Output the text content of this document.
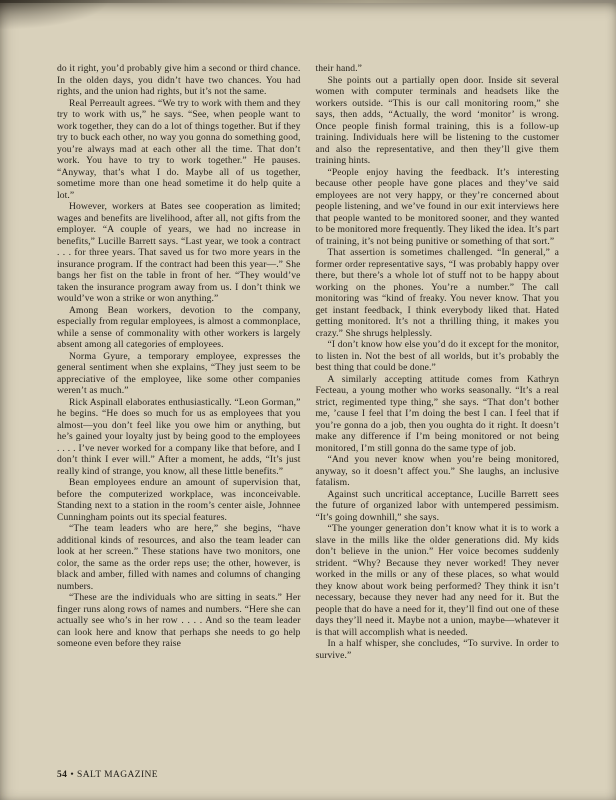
do it right, you’d probably give him a second or third chance. In the olden days, you didn’t have two chances. You had rights, and the union had rights, but it’s not the same.

Real Perreault agrees. “We try to work with them and they try to work with us,” he says. “See, when people want to work together, they can do a lot of things together. But if they try to buck each other, no way you gonna do something good, you’re always mad at each other all the time. That don’t work. You have to try to work together.” He pauses. “Anyway, that’s what I do. Maybe all of us together, sometime more than one head sometime it do help quite a lot.”

However, workers at Bates see cooperation as limited; wages and benefits are livelihood, after all, not gifts from the employer. “A couple of years, we had no increase in benefits,” Lucille Barrett says. “Last year, we took a contract . . . for three years. That saved us for two more years in the insurance program. If the contract had been this year—.” She bangs her fist on the table in front of her. “They would’ve taken the insurance program away from us. I don’t think we would’ve won a strike or won anything.”

Among Bean workers, devotion to the company, especially from regular employees, is almost a commonplace, while a sense of commonality with other workers is largely absent among all categories of employees.

Norma Gyure, a temporary employee, expresses the general sentiment when she explains, “They just seem to be appreciative of the employee, like some other companies weren’t as much.”

Rick Aspinall elaborates enthusiastically. “Leon Gorman,” he begins. “He does so much for us as employees that you almost—you don’t feel like you owe him or anything, but he’s gained your loyalty just by being good to the employees . . . . I’ve never worked for a company like that before, and I don’t think I ever will.” After a moment, he adds, “It’s just really kind of strange, you know, all these little benefits.”

Bean employees endure an amount of supervision that, before the computerized workplace, was inconceivable. Standing next to a station in the room’s center aisle, Johnnee Cunningham points out its special features.

“The team leaders who are here,” she begins, “have additional kinds of resources, and also the team leader can look at her screen.” These stations have two monitors, one color, the same as the order reps use; the other, however, is black and amber, filled with names and columns of changing numbers.

“These are the individuals who are sitting in seats.” Her finger runs along rows of names and numbers. “Here she can actually see who’s in her row . . . . And so the team leader can look here and know that perhaps she needs to go help someone even before they raise

their hand.”

She points out a partially open door. Inside sit several women with computer terminals and headsets like the workers outside. “This is our call monitoring room,” she says, then adds, “Actually, the word ‘monitor’ is wrong. Once people finish formal training, this is a follow-up training. Individuals here will be listening to the customer and also the representative, and then they’ll give them training hints.

“People enjoy having the feedback. It’s interesting because other people have gone places and they’ve said employees are not very happy, or they’re concerned about people listening, and we’ve found in our exit interviews here that people wanted to be monitored sooner, and they wanted to be monitored more frequently. They liked the idea. It’s part of training, it’s not being punitive or something of that sort.”

That assertion is sometimes challenged. “In general,” a former order representative says, “I was probably happy over there, but there’s a whole lot of stuff not to be happy about working on the phones. You’re a number.” The call monitoring was “kind of freaky. You never know. That you get instant feedback, I think everybody liked that. Hated getting monitored. It’s not a thrilling thing, it makes you crazy.” She shrugs helplessly.

“I don’t know how else you’d do it except for the monitor, to listen in. Not the best of all worlds, but it’s probably the best thing that could be done.”

A similarly accepting attitude comes from Kathryn Fecteau, a young mother who works seasonally. “It’s a real strict, regimented type thing,” she says. “That don’t bother me, ’cause I feel that I’m doing the best I can. I feel that if you’re gonna do a job, then you oughta do it right. It doesn’t make any difference if I’m being monitored or not being monitored, I’m still gonna do the same type of job.

“And you never know when you’re being monitored, anyway, so it doesn’t affect you.” She laughs, an inclusive fatalism.

Against such uncritical acceptance, Lucille Barrett sees the future of organized labor with untempered pessimism. “It’s going downhill,” she says.

“The younger generation don’t know what it is to work a slave in the mills like the older generations did. My kids don’t believe in the union.” Her voice becomes suddenly strident. “Why? Because they never worked! They never worked in the mills or any of these places, so what would they know about work being performed? They think it isn’t necessary, because they never had any need for it. But the people that do have a need for it, they’ll find out one of these days they’ll need it. Maybe not a union, maybe—whatever it is that will accomplish what is needed.

In a half whisper, she concludes, “To survive. In order to survive.”

54 • SALT MAGAZINE
